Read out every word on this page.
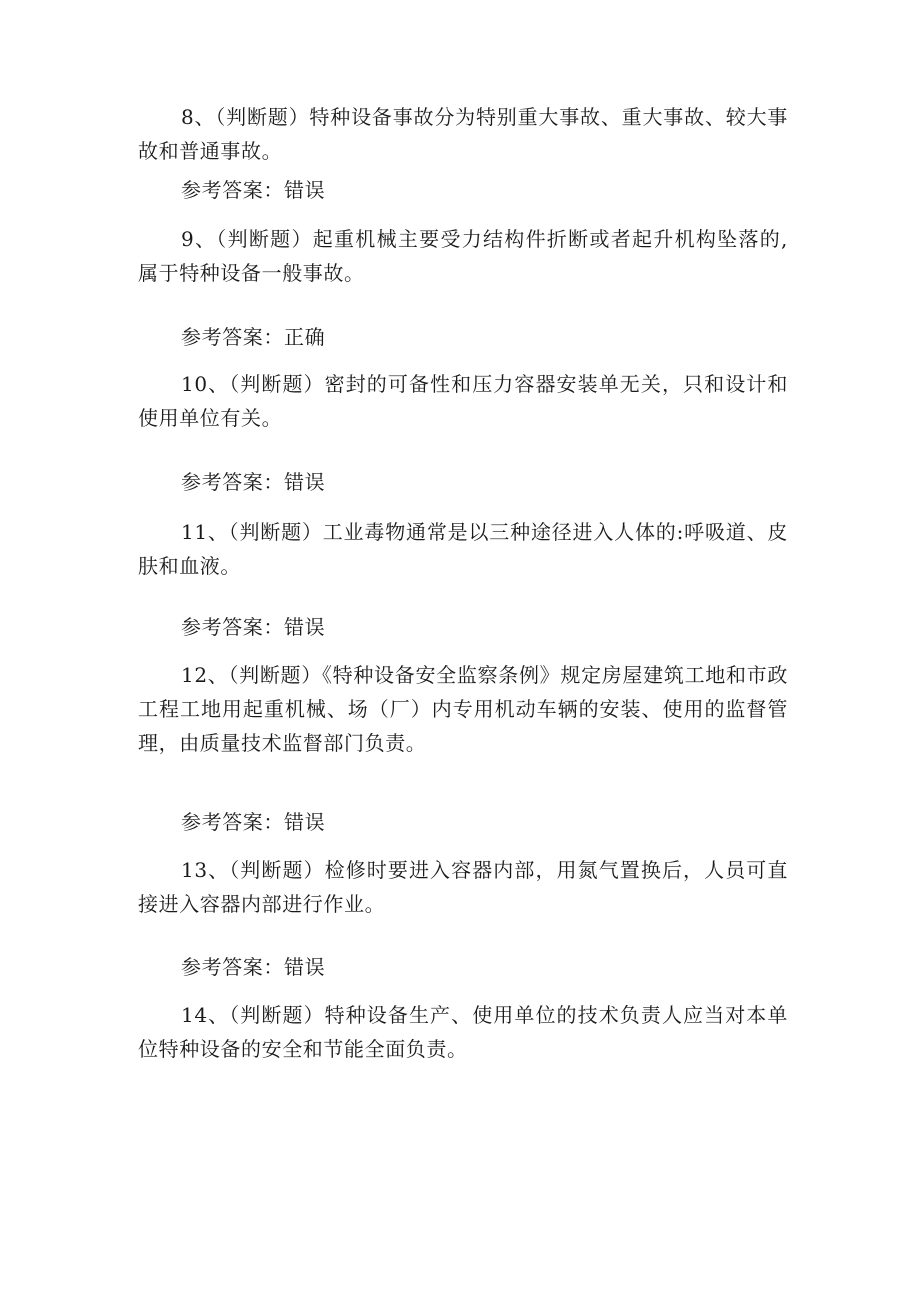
8、（判断题）特种设备事故分为特别重大事故、重大事故、较大事故和普通事故。
参考答案：错误
9、（判断题）起重机械主要受力结构件折断或者起升机构坠落的,属于特种设备一般事故。
参考答案：正确
10、（判断题）密封的可备性和压力容器安装单无关，只和设计和使用单位有关。
参考答案：错误
11、（判断题）工业毒物通常是以三种途径进入人体的:呼吸道、皮肤和血液。
参考答案：错误
12、（判断题）《特种设备安全监察条例》规定房屋建筑工地和市政工程工地用起重机械、场（厂）内专用机动车辆的安装、使用的监督管理，由质量技术监督部门负责。
参考答案：错误
13、（判断题）检修时要进入容器内部，用氮气置换后，人员可直接进入容器内部进行作业。
参考答案：错误
14、（判断题）特种设备生产、使用单位的技术负责人应当对本单位特种设备的安全和节能全面负责。
